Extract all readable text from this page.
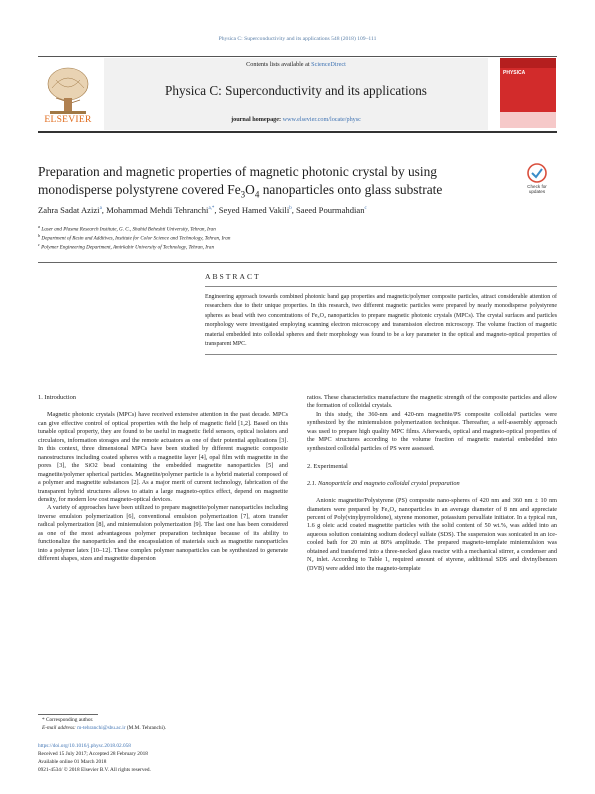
Physica C: Superconductivity and its applications 548 (2018) 109–111
ELSEVIER
Contents lists available at ScienceDirect
Physica C: Superconductivity and its applications
journal homepage: www.elsevier.com/locate/physc
PHYSICA
Preparation and magnetic properties of magnetic photonic crystal by using
monodisperse polystyrene covered $Fe_3O_4$ nanoparticles onto glass substrate	Check for
updates
Zahra Sadat Azizi$^a$, Mohammad Mehdi Tehranchi$^{a,*}$, Seyed Hamed Vakili$^b$, Saeed Pourmahdian$^c$
$^a$ Laser and Plasma Research Institute, G. C., Shahid Beheshti University, Tehran, Iran
$^b$ Department of Resin and Additives, Institute for Color Science and Technology, Tehran, Iran
$^c$ Polymer Engineering Department, Amirkabir University of Technology, Tehran, Iran
ABSTRACT
Engineering approach towards combined photonic band gap properties and magnetic/polymer composite particles, attract considerable attention of researchers due to their unique properties. In this research, two different magnetic particles were prepared by nearly monodisperse polystyrene spheres as bead with two concentrations of Fe₃O₄ nanoparticles to prepare magnetic photonic crystals (MPCs). The crystal surfaces and particles morphology were investigated employing scanning electron microscopy and transmission electron microscopy. The volume fraction of magnetic material embedded into colloidal spheres and their morphology was found to be a key parameter in the optical and magneto-optical properties of transparent MPC.
1. Introduction

Magnetic photonic crystals (MPCs) have received extensive attention in the past decade. MPCs can give effective control of optical properties with the help of magnetic field [1,2]. Based on this tunable optical property, they are found to be useful in magnetic field sensors, optical isolators and circulators, information storages and the remote actuators as one of their potential applications [3]. In this context, three dimensional MPCs have been studied by different magnetic composite nanostructures including coated spheres with a magnetite layer [4], opal film with magnetite in the pores [3], the SiO2 bead containing the embedded magnetite nanoparticles [5] and magnetite/polymer spherical particles. Magnetite/polymer particle is a hybrid material composed of a polymer and magnetite substances [2]. As a major merit of current technology, fabrication of the transparent hybrid structures allows to attain a large magneto-optics effect, depend on magnetite density, for modern low cost magneto-optical devices.

A variety of approaches have been utilized to prepare magnetite/polymer nanoparticles including inverse emulsion polymerization [6], conventional emulsion polymerization [7], atom transfer radical polymerization [8], and miniemulsion polymerization [9]. The last one has been considered as one of the most advantageous polymer preparation technique because of its ability to functionalize the nanoparticles and the encapsulation of materials such as magnetite nanoparticles into a polymer latex [10–12]. These complex polymer nanoparticles can be synthesized to generate different shapes, sizes and magnetite dispersion

ratios. These characteristics manufacture the magnetic strength of the composite particles and allow the formation of colloidal crystals.

In this study, the 360-nm and 420-nm magnetite/PS composite colloidal particles were synthesized by the miniemulsion polymerization technique. Thereafter, a self-assembly approach was used to prepare high quality MPC films. Afterwards, optical and magneto-optical properties of the MPC structures according to the volume fraction of magnetic material embedded into synthesized colloidal particles of PS were assessed.

2. Experimental
2.1. Nanoparticle and magneto colloidal crystal preparation

Anionic magnetite/Polystyrene (PS) composite nano-spheres of 420 nm and 360 nm ± 10 nm diameters were prepared by Fe₃O₄ nanoparticles in an average diameter of 8 nm and appreciate percent of Poly(vinylpyrrolidone), styrene monomer, potassium persulfate initiator. In a typical run, 1.6 g oleic acid coated magnetite particles with the solid content of 50 wt.%, was added into an aqueous solution containing sodium dodecyl sulfate (SDS). The suspension was sonicated in an ice-cooled bath for 20 min at 80% amplitude. The prepared magneto-template miniemulsion was obtained and transferred into a three-necked glass reactor with a mechanical stirrer, a condenser and N₂ inlet. According to Table 1, required amount of styrene, additional SDS and divinylbenzen (DVB) were added into the magneto-template

* Corresponding author.
E-mail address: m-tehranchi@sbu.ac.ir (M.M. Tehranchi).
https://doi.org/10.1016/j.physc.2018.02.058
Received 15 July 2017; Accepted 28 February 2018
Available online 01 March 2018
0921-4534/ © 2018 Elsevier B.V. All rights reserved.
